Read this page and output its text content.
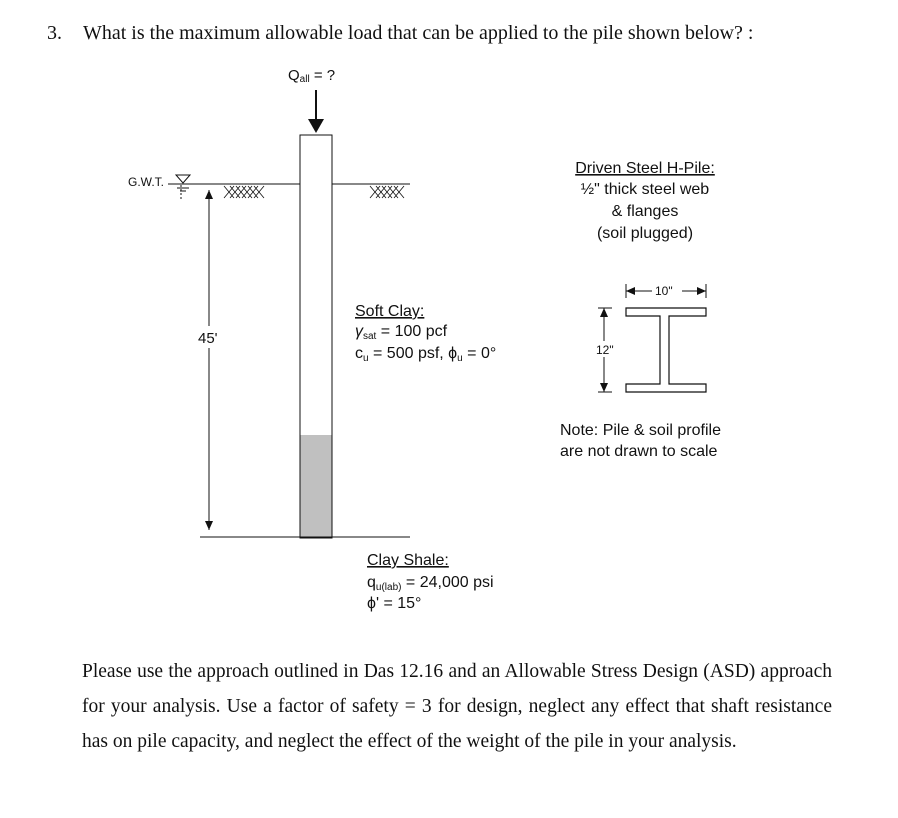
3. What is the maximum allowable load that can be applied to the pile shown below? :
Qall = ?
G.W.T.
45'
Soft Clay:
γsat = 100 pcf
cu = 500 psf, ϕu = 0°
Clay Shale:
qu(lab) = 24,000 psi
ϕ' = 15°
Driven Steel H-Pile:
½" thick steel web
& flanges
(soil plugged)
10"
12"
Note: Pile & soil profile
are not drawn to scale
Please use the approach outlined in Das 12.16 and an Allowable Stress Design (ASD) approach for your analysis. Use a factor of safety = 3 for design, neglect any effect that shaft resistance has on pile capacity, and neglect the effect of the weight of the pile in your analysis.
